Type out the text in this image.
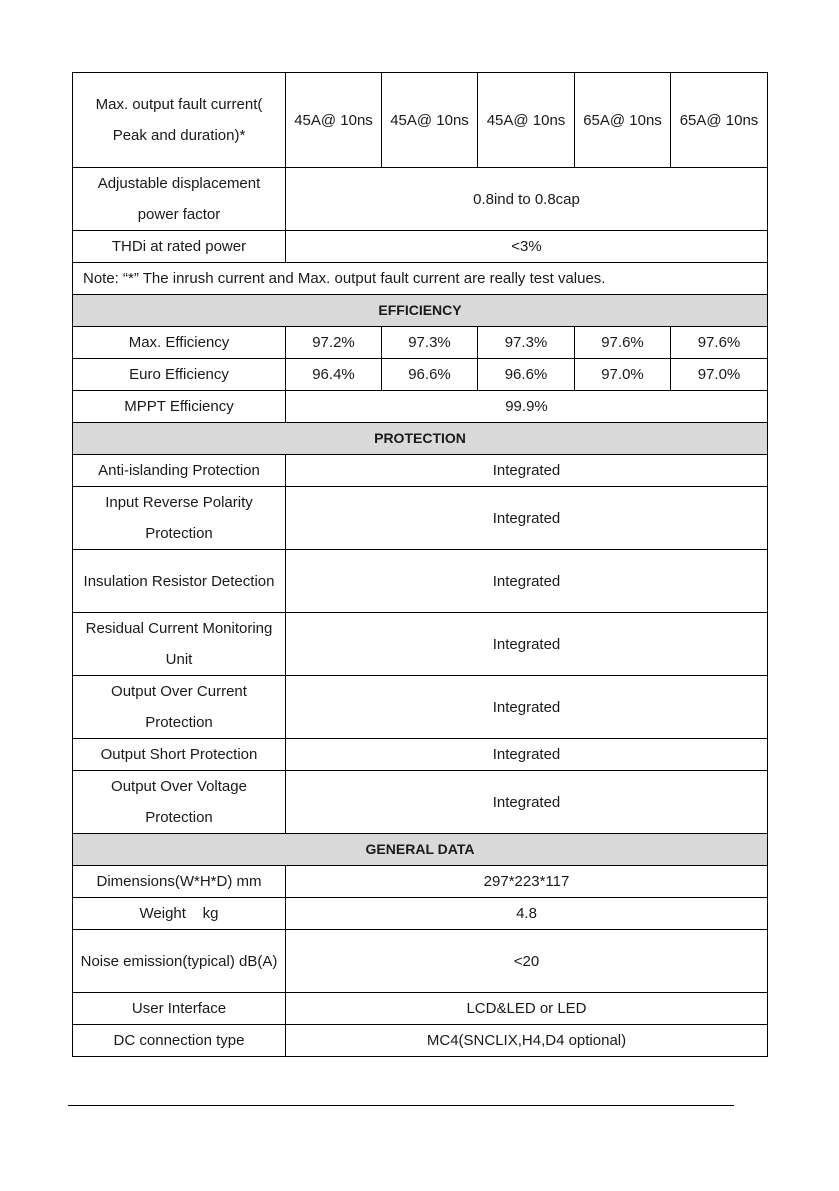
Max. output fault current( Peak and duration)*	45A@ 10ns	45A@ 10ns	45A@ 10ns	65A@ 10ns	65A@ 10ns
Adjustable displacement power factor	0.8ind to 0.8cap				
THDi at rated power	<3%				
Note: “*” The inrush current and Max. output fault current are really test values.					
EFFICIENCY					
Max. Efficiency	97.2%	97.3%	97.3%	97.6%	97.6%
Euro Efficiency	96.4%	96.6%	96.6%	97.0%	97.0%
MPPT Efficiency	99.9%				
PROTECTION					
Anti-islanding Protection	Integrated				
Input Reverse Polarity Protection	Integrated				
Insulation Resistor Detection	Integrated				
Residual Current Monitoring Unit	Integrated				
Output Over Current Protection	Integrated				
Output Short Protection	Integrated				
Output Over Voltage Protection	Integrated				
GENERAL DATA					
Dimensions(W*H*D) mm	297*223*117				
Weight    kg	4.8				
Noise emission(typical) dB(A)	<20				
User Interface	LCD&LED or LED				
DC connection type	MC4(SNCLIX,H4,D4 optional)				
